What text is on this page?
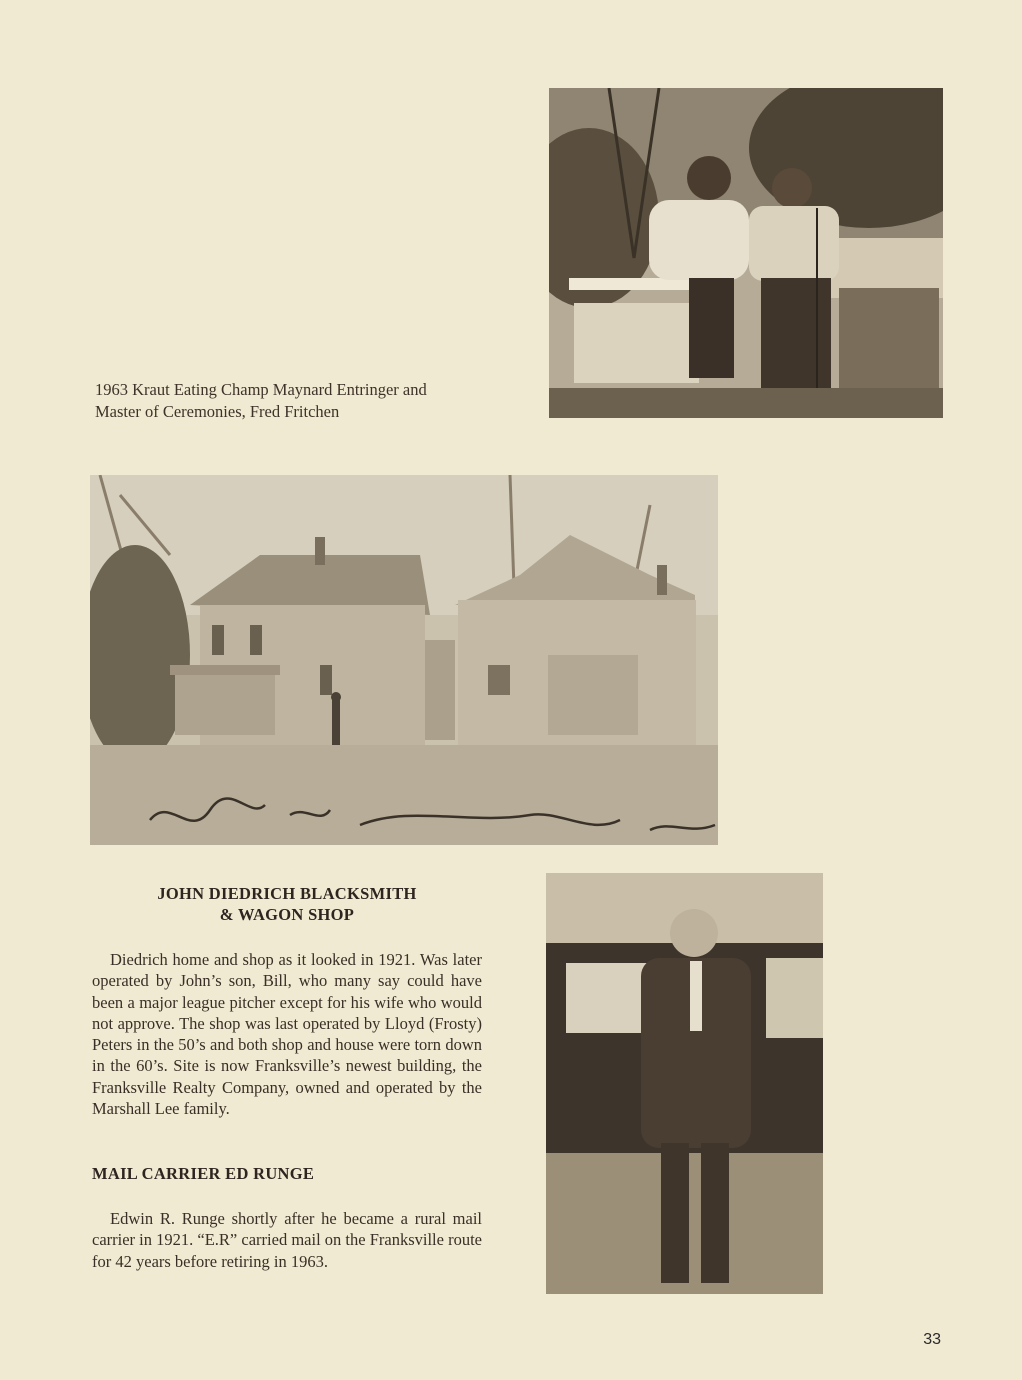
1963 Kraut Eating Champ Maynard Entringer and
Master of Ceremonies, Fred Fritchen

JOHN DIEDRICH BLACKSMITH
& WAGON SHOP

Diedrich home and shop as it looked in 1921. Was later operated by John’s son, Bill, who many say could have been a major league pitcher except for his wife who would not approve. The shop was last operated by Lloyd (Frosty) Peters in the 50’s and both shop and house were torn down in the 60’s. Site is now Franksville’s newest building, the Franksville Realty Company, owned and operated by the Marshall Lee family.

MAIL CARRIER ED RUNGE

Edwin R. Runge shortly after he became a rural mail carrier in 1921. “E.R” carried mail on the Franksville route for 42 years before retiring in 1963.

33
